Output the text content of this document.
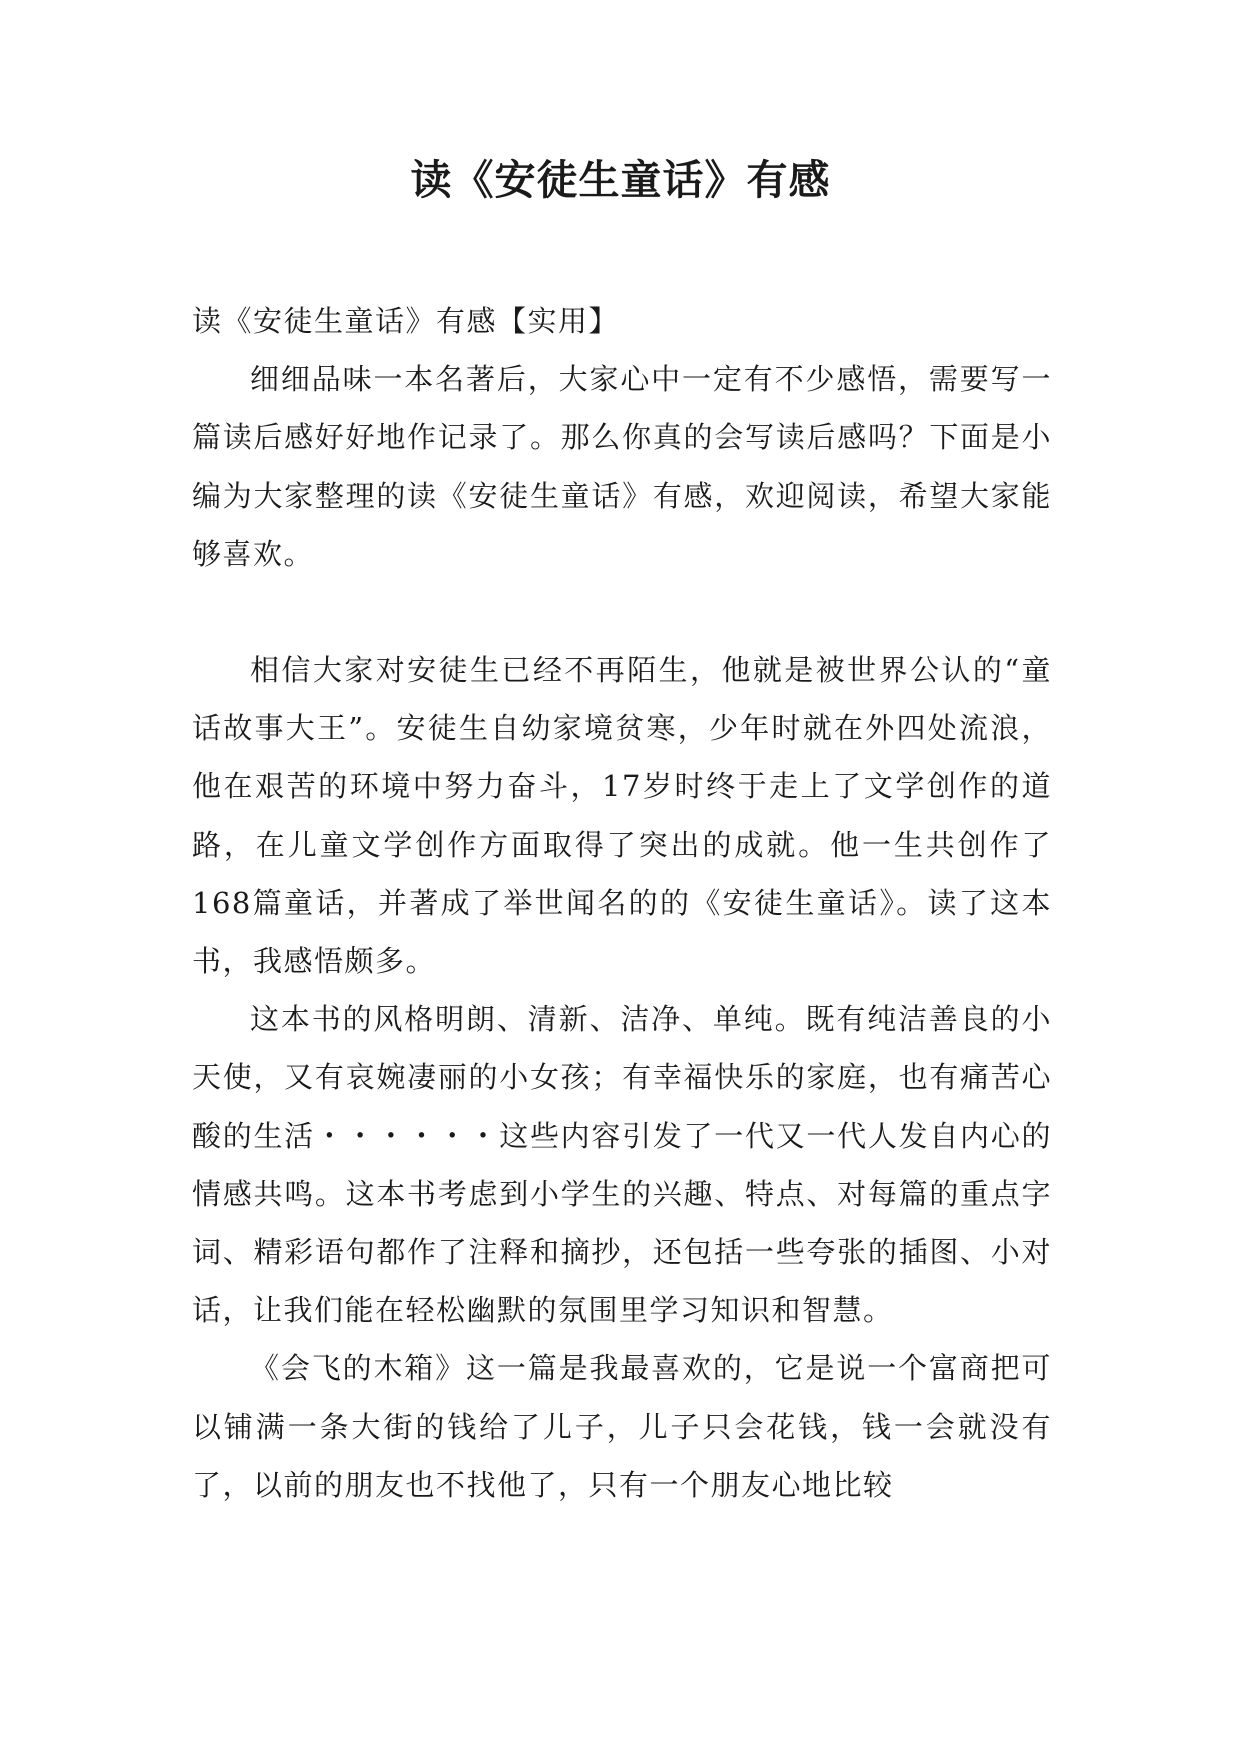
读《安徒生童话》有感

读《安徒生童话》有感【实用】

细细品味一本名著后，大家心中一定有不少感悟，需要写一篇读后感好好地作记录了。那么你真的会写读后感吗？下面是小编为大家整理的读《安徒生童话》有感，欢迎阅读，希望大家能够喜欢。

相信大家对安徒生已经不再陌生，他就是被世界公认的“童话故事大王”。安徒生自幼家境贫寒，少年时就在外四处流浪，他在艰苦的环境中努力奋斗，17岁时终于走上了文学创作的道路，在儿童文学创作方面取得了突出的成就。他一生共创作了168篇童话，并著成了举世闻名的的《安徒生童话》。读了这本书，我感悟颇多。

这本书的风格明朗、清新、洁净、单纯。既有纯洁善良的小天使，又有哀婉凄丽的小女孩；有幸福快乐的家庭，也有痛苦心酸的生活・・・・・・这些内容引发了一代又一代人发自内心的情感共鸣。这本书考虑到小学生的兴趣、特点、对每篇的重点字词、精彩语句都作了注释和摘抄，还包括一些夸张的插图、小对话，让我们能在轻松幽默的氛围里学习知识和智慧。

《会飞的木箱》这一篇是我最喜欢的，它是说一个富商把可以铺满一条大街的钱给了儿子，儿子只会花钱，钱一会就没有了，以前的朋友也不找他了，只有一个朋友心地比较
